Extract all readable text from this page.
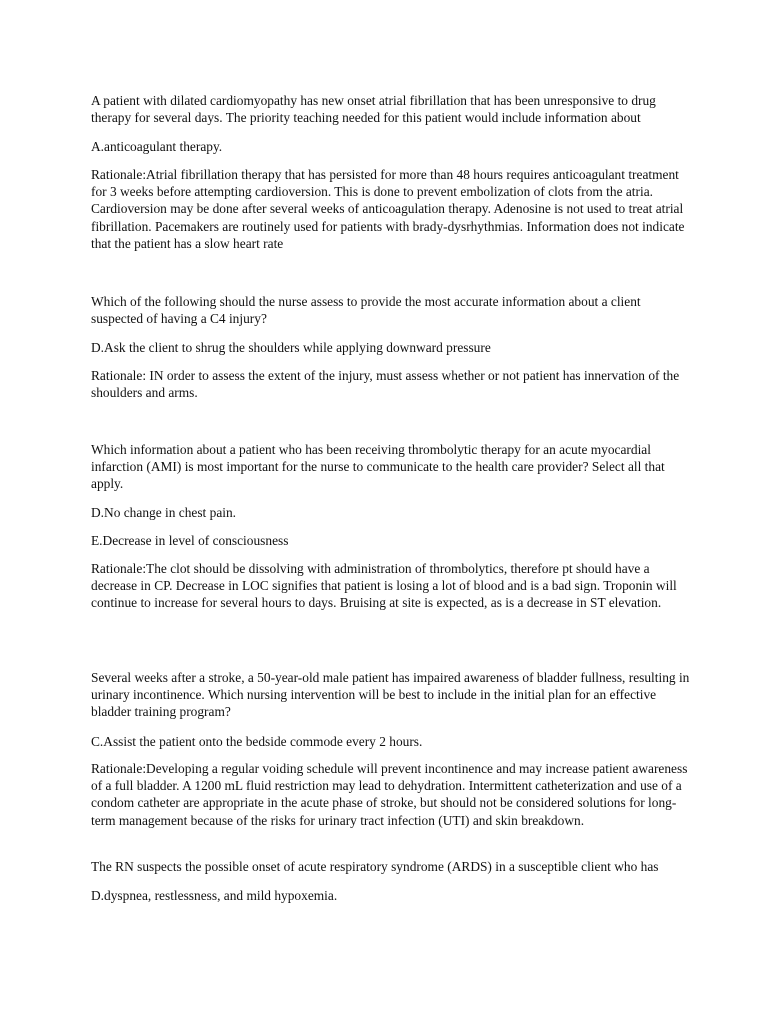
A patient with dilated cardiomyopathy has new onset atrial fibrillation that has been unresponsive to drug therapy for several days. The priority teaching needed for this patient would include information about

A.anticoagulant therapy.

Rationale:Atrial fibrillation therapy that has persisted for more than 48 hours requires anticoagulant treatment for 3 weeks before attempting cardioversion. This is done to prevent embolization of clots from the atria. Cardioversion may be done after several weeks of anticoagulation therapy. Adenosine is not used to treat atrial fibrillation. Pacemakers are routinely used for patients with brady-dysrhythmias. Information does not indicate that the patient has a slow heart rate

Which of the following should the nurse assess to provide the most accurate information about a client suspected of having a C4 injury?

D.Ask the client to shrug the shoulders while applying downward pressure

Rationale: IN order to assess the extent of the injury, must assess whether or not patient has innervation of the shoulders and arms.

Which information about a patient who has been receiving thrombolytic therapy for an acute myocardial infarction (AMI) is most important for the nurse to communicate to the health care provider? Select all that apply.

D.No change in chest pain.

E.Decrease in level of consciousness

Rationale:The clot should be dissolving with administration of thrombolytics, therefore pt should have a decrease in CP. Decrease in LOC signifies that patient is losing a lot of blood and is a bad sign. Troponin will continue to increase for several hours to days. Bruising at site is expected, as is a decrease in ST elevation.

Several weeks after a stroke, a 50-year-old male patient has impaired awareness of bladder fullness, resulting in urinary incontinence. Which nursing intervention will be best to include in the initial plan for an effective bladder training program?

C.Assist the patient onto the bedside commode every 2 hours.

Rationale:Developing a regular voiding schedule will prevent incontinence and may increase patient awareness of a full bladder. A 1200 mL fluid restriction may lead to dehydration. Intermittent catheterization and use of a condom catheter are appropriate in the acute phase of stroke, but should not be considered solutions for long-term management because of the risks for urinary tract infection (UTI) and skin breakdown.

The RN suspects the possible onset of acute respiratory syndrome (ARDS) in a susceptible client who has

D.dyspnea, restlessness, and mild hypoxemia.
